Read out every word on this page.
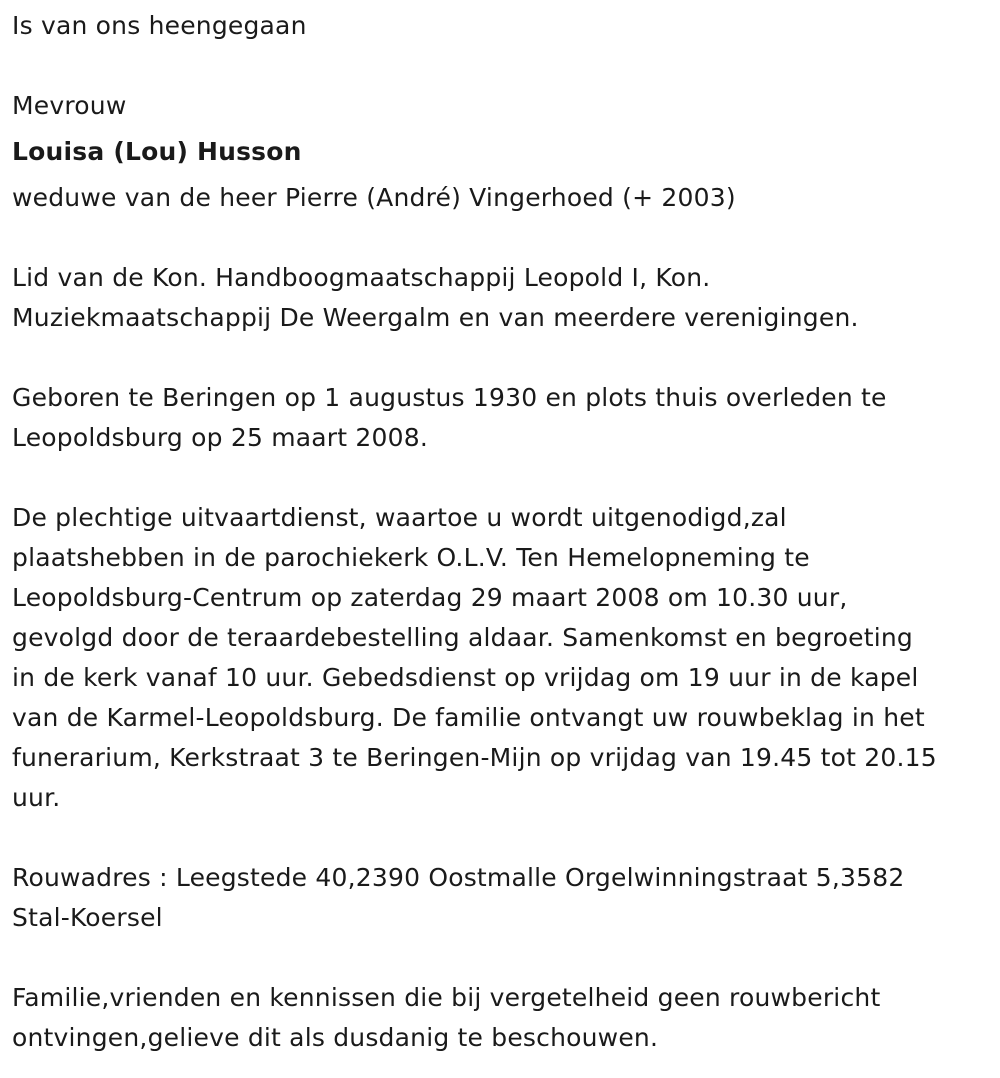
Is van ons heengegaan

Mevrouw

Louisa (Lou) Husson

weduwe van de heer Pierre (André) Vingerhoed (+ 2003)

Lid van de Kon. Handboogmaatschappij Leopold I, Kon.

Muziekmaatschappij De Weergalm en van meerdere verenigingen.

Geboren te Beringen op 1 augustus 1930 en plots thuis overleden te

Leopoldsburg op 25 maart 2008.

De plechtige uitvaartdienst, waartoe u wordt uitgenodigd,zal

plaatshebben in de parochiekerk O.L.V. Ten Hemelopneming te

Leopoldsburg-Centrum op zaterdag 29 maart 2008 om 10.30 uur,

gevolgd door de teraardebestelling aldaar. Samenkomst en begroeting

in de kerk vanaf 10 uur. Gebedsdienst op vrijdag om 19 uur in de kapel

van de Karmel-Leopoldsburg. De familie ontvangt uw rouwbeklag in het

funerarium, Kerkstraat 3 te Beringen-Mijn op vrijdag van 19.45 tot 20.15

uur.

Rouwadres : Leegstede 40,2390 Oostmalle Orgelwinningstraat 5,3582

Stal-Koersel

Familie,vrienden en kennissen die bij vergetelheid geen rouwbericht

ontvingen,gelieve dit als dusdanig te beschouwen.
